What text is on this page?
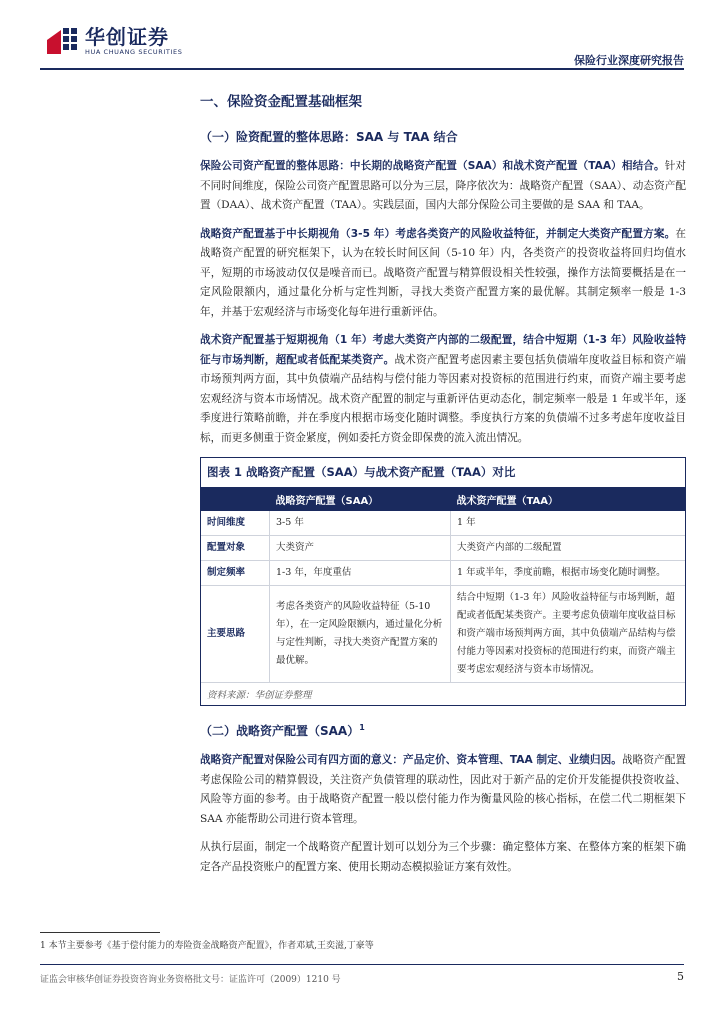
华创证券
HUA CHUANG SECURITIES
保险行业深度研究报告
一、保险资金配置基础框架
（一）险资配置的整体思路：SAA 与 TAA 结合

保险公司资产配置的整体思路：中长期的战略资产配置（SAA）和战术资产配置（TAA）相结合。针对不同时间维度，保险公司资产配置思路可以分为三层，降序依次为：战略资产配置（SAA）、动态资产配置（DAA）、战术资产配置（TAA）。实践层面，国内大部分保险公司主要做的是 SAA 和 TAA。

战略资产配置基于中长期视角（3-5 年）考虑各类资产的风险收益特征，并制定大类资产配置方案。在战略资产配置的研究框架下，认为在较长时间区间（5-10 年）内，各类资产的投资收益将回归均值水平，短期的市场波动仅仅是噪音而已。战略资产配置与精算假设相关性较强，操作方法简要概括是在一定风险限额内，通过量化分析与定性判断，寻找大类资产配置方案的最优解。其制定频率一般是 1-3 年，并基于宏观经济与市场变化每年进行重新评估。

战术资产配置基于短期视角（1 年）考虑大类资产内部的二级配置，结合中短期（1-3 年）风险收益特征与市场判断，超配或者低配某类资产。战术资产配置考虑因素主要包括负债端年度收益目标和资产端市场预判两方面，其中负债端产品结构与偿付能力等因素对投资标的范围进行约束，而资产端主要考虑宏观经济与资本市场情况。战术资产配置的制定与重新评估更动态化，制定频率一般是 1 年或半年，逐季度进行策略前瞻，并在季度内根据市场变化随时调整。季度执行方案的负债端不过多考虑年度收益目标，而更多侧重于资金紧度，例如委托方资金即保费的流入流出情况。

图表 1 战略资产配置（SAA）与战术资产配置（TAA）对比
	战略资产配置（SAA）	战术资产配置（TAA）
时间维度	3-5 年	1 年
配置对象	大类资产	大类资产内部的二级配置
制定频率	1-3 年，年度重估	1 年或半年，季度前瞻，根据市场变化随时调整。
主要思路	考虑各类资产的风险收益特征（5-10 年），在一定风险限额内，通过量化分析与定性判断，寻找大类资产配置方案的最优解。	结合中短期（1-3 年）风险收益特征与市场判断，超配或者低配某类资产。主要考虑负债端年度收益目标和资产端市场预判两方面，其中负债端产品结构与偿付能力等因素对投资标的范围进行约束，而资产端主要考虑宏观经济与资本市场情况。
资料来源：华创证券整理
（二）战略资产配置（SAA）$^1$

战略资产配置对保险公司有四方面的意义：产品定价、资本管理、TAA 制定、业绩归因。战略资产配置考虑保险公司的精算假设，关注资产负债管理的联动性，因此对于新产品的定价开发能提供投资收益、风险等方面的参考。由于战略资产配置一般以偿付能力作为衡量风险的核心指标，在偿二代二期框架下 SAA 亦能帮助公司进行资本管理。

从执行层面，制定一个战略资产配置计划可以划分为三个步骤：确定整体方案、在整体方案的框架下确定各产品投资账户的配置方案、使用长期动态模拟验证方案有效性。

1 本节主要参考《基于偿付能力的寿险资金战略资产配置》，作者邓斌,王奕滋,丁豪等
证监会审核华创证券投资咨询业务资格批文号：证监许可（2009）1210 号	5
